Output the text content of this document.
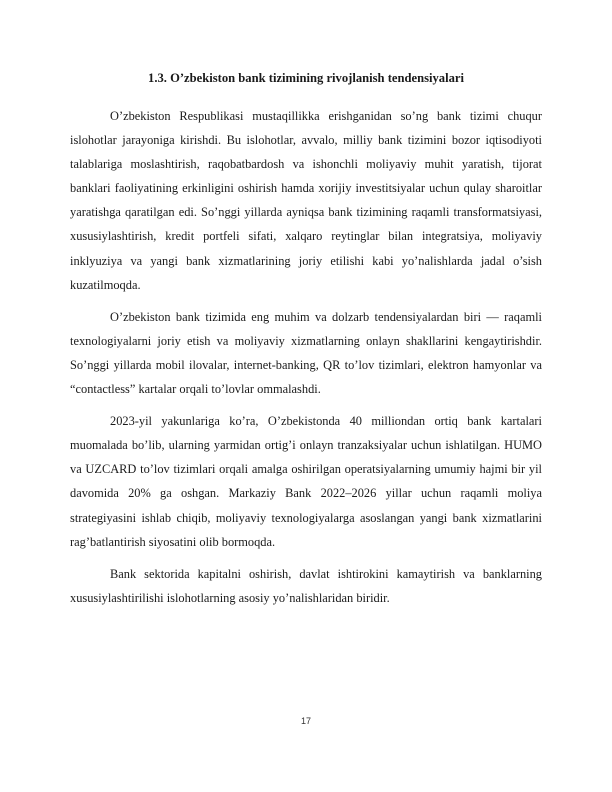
1.3. O’zbekiston bank tizimining rivojlanish tendensiyalari

O’zbekiston Respublikasi mustaqillikka erishganidan so’ng bank tizimi chuqur islohotlar jarayoniga kirishdi. Bu islohotlar, avvalo, milliy bank tizimini bozor iqtisodiyoti talablariga moslashtirish, raqobatbardosh va ishonchli moliyaviy muhit yaratish, tijorat banklari faoliyatining erkinligini oshirish hamda xorijiy investitsiyalar uchun qulay sharoitlar yaratishga qaratilgan edi. So’nggi yillarda ayniqsa bank tizimining raqamli transformatsiyasi, xususiylashtirish, kredit portfeli sifati, xalqaro reytinglar bilan integratsiya, moliyaviy inklyuziya va yangi bank xizmatlarining joriy etilishi kabi yo’nalishlarda jadal o’sish kuzatilmoqda.

O’zbekiston bank tizimida eng muhim va dolzarb tendensiyalardan biri — raqamli texnologiyalarni joriy etish va moliyaviy xizmatlarning onlayn shakllarini kengaytirishdir. So’nggi yillarda mobil ilovalar, internet-banking, QR to’lov tizimlari, elektron hamyonlar va “contactless” kartalar orqali to’lovlar ommalashdi.

2023-yil yakunlariga ko’ra, O’zbekistonda 40 milliondan ortiq bank kartalari muomalada bo’lib, ularning yarmidan ortig’i onlayn tranzaksiyalar uchun ishlatilgan. HUMO va UZCARD to’lov tizimlari orqali amalga oshirilgan operatsiyalarning umumiy hajmi bir yil davomida 20% ga oshgan. Markaziy Bank 2022–2026 yillar uchun raqamli moliya strategiyasini ishlab chiqib, moliyaviy texnologiyalarga asoslangan yangi bank xizmatlarini rag’batlantirish siyosatini olib bormoqda.

Bank sektorida kapitalni oshirish, davlat ishtirokini kamaytirish va banklarning xususiylashtirilishi islohotlarning asosiy yo’nalishlaridan biridir.

17
